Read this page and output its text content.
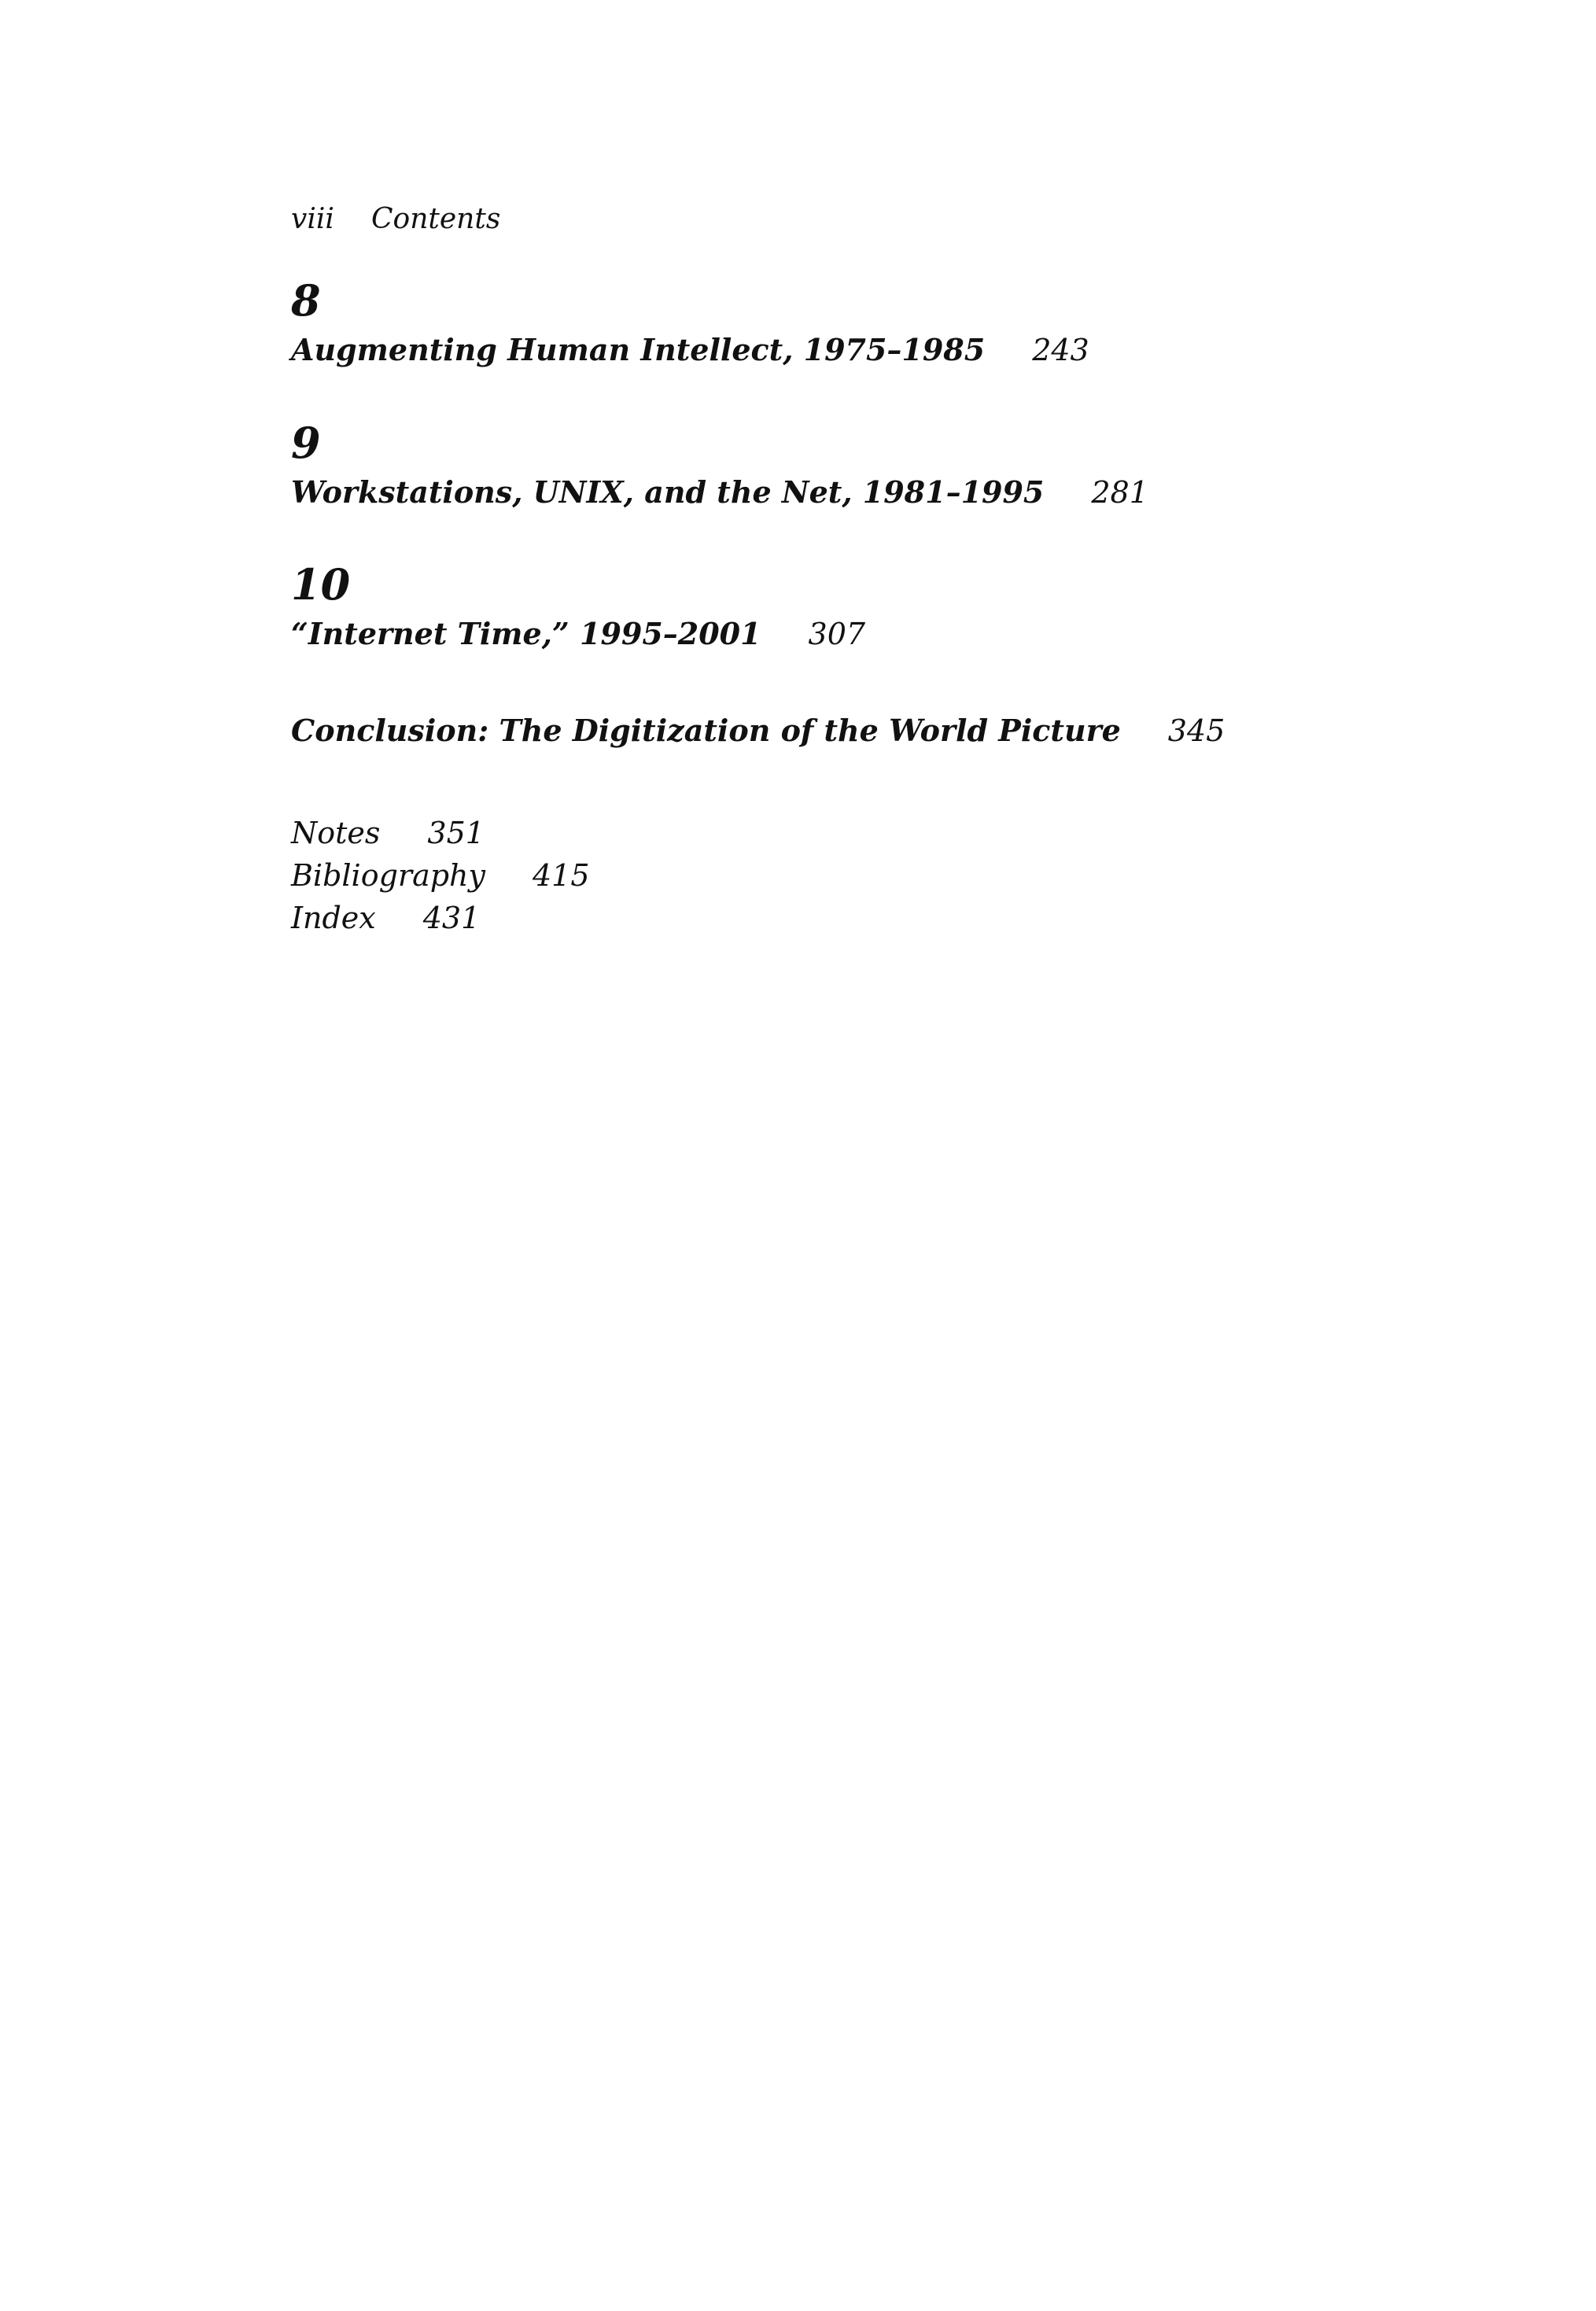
viii Contents
8
Augmenting Human Intellect, 1975–1985 243
9
Workstations, UNIX, and the Net, 1981–1995 281
10
“Internet Time,” 1995–2001 307
Conclusion: The Digitization of the World Picture 345
Notes 351
Bibliography 415
Index 431
